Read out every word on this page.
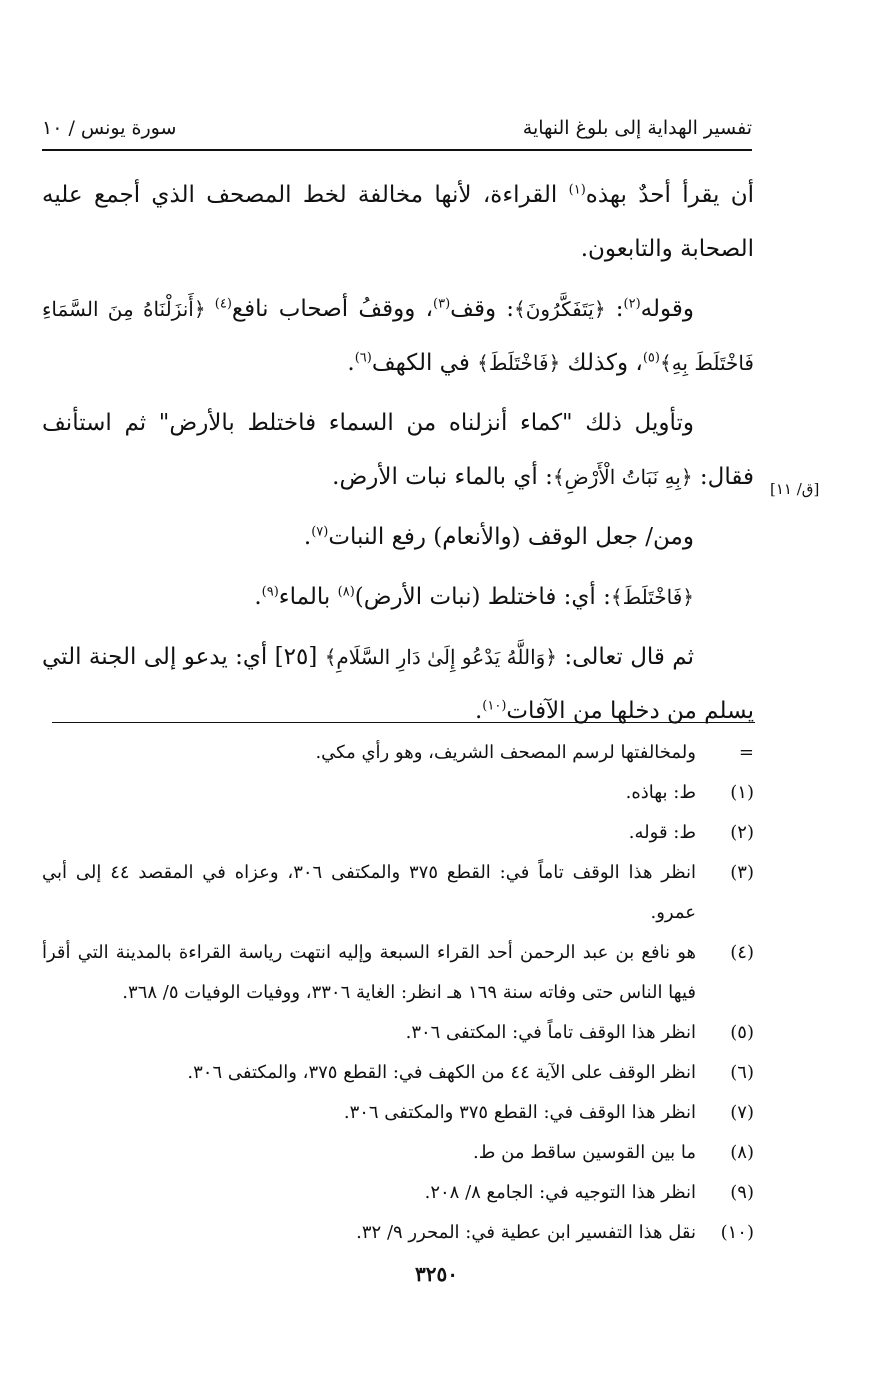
تفسير الهداية إلى بلوغ النهاية
سورة يونس / ١٠

أن يقرأ أحدٌ بهذه$^{(١)}$ القراءة، لأنها مخالفة لخط المصحف الذي أجمع عليه الصحابة والتابعون.

وقوله$^{(٢)}$: ﴿يَتَفَكَّرُونَ﴾: وقف$^{(٣)}$، ووقفُ أصحاب نافع$^{(٤)}$ ﴿أَنزَلْنَاهُ مِنَ السَّمَاءِ فَاخْتَلَطَ بِهِ﴾$^{(٥)}$، وكذلك ﴿فَاخْتَلَطَ﴾ في الكهف$^{(٦)}$.

وتأويل ذلك "كماء أنزلناه من السماء فاختلط بالأرض" ثم استأنف فقال: ﴿بِهِ نَبَاتُ الْأَرْضِ﴾: أي بالماء نبات الأرض.

ومن/ جعل الوقف (والأنعام) رفع النبات$^{(٧)}$.

﴿فَاخْتَلَطَ﴾: أي: فاختلط (نبات الأرض)$^{(٨)}$ بالماء$^{(٩)}$.

ثم قال تعالى: ﴿وَاللَّهُ يَدْعُو إِلَىٰ دَارِ السَّلَامِ﴾ [٢٥] أي: يدعو إلى الجنة التي يسلم من دخلها من الآفات$^{(١٠)}$.

[ق/ ١١]
=
ولمخالفتها لرسم المصحف الشريف، وهو رأي مكي.
(١)
ط: بهاذه.
(٢)
ط: قوله.
(٣)
انظر هذا الوقف تاماً في: القطع ٣٧٥ والمكتفى ٣٠٦، وعزاه في المقصد ٤٤ إلى أبي عمرو.
(٤)
هو نافع بن عبد الرحمن أحد القراء السبعة وإليه انتهت رياسة القراءة بالمدينة التي أقرأ فيها الناس حتى وفاته سنة ١٦٩ هـ انظر: الغاية ٣٣٠٦، ووفيات الوفيات ٥/ ٣٦٨.
(٥)
انظر هذا الوقف تاماً في: المكتفى ٣٠٦.
(٦)
انظر الوقف على الآية ٤٤ من الكهف في: القطع ٣٧٥، والمكتفى ٣٠٦.
(٧)
انظر هذا الوقف في: القطع ٣٧٥ والمكتفى ٣٠٦.
(٨)
ما بين القوسين ساقط من ط.
(٩)
انظر هذا التوجيه في: الجامع ٨/ ٢٠٨.
(١٠)
نقل هذا التفسير ابن عطية في: المحرر ٩/ ٣٢.
٣٢٥٠
